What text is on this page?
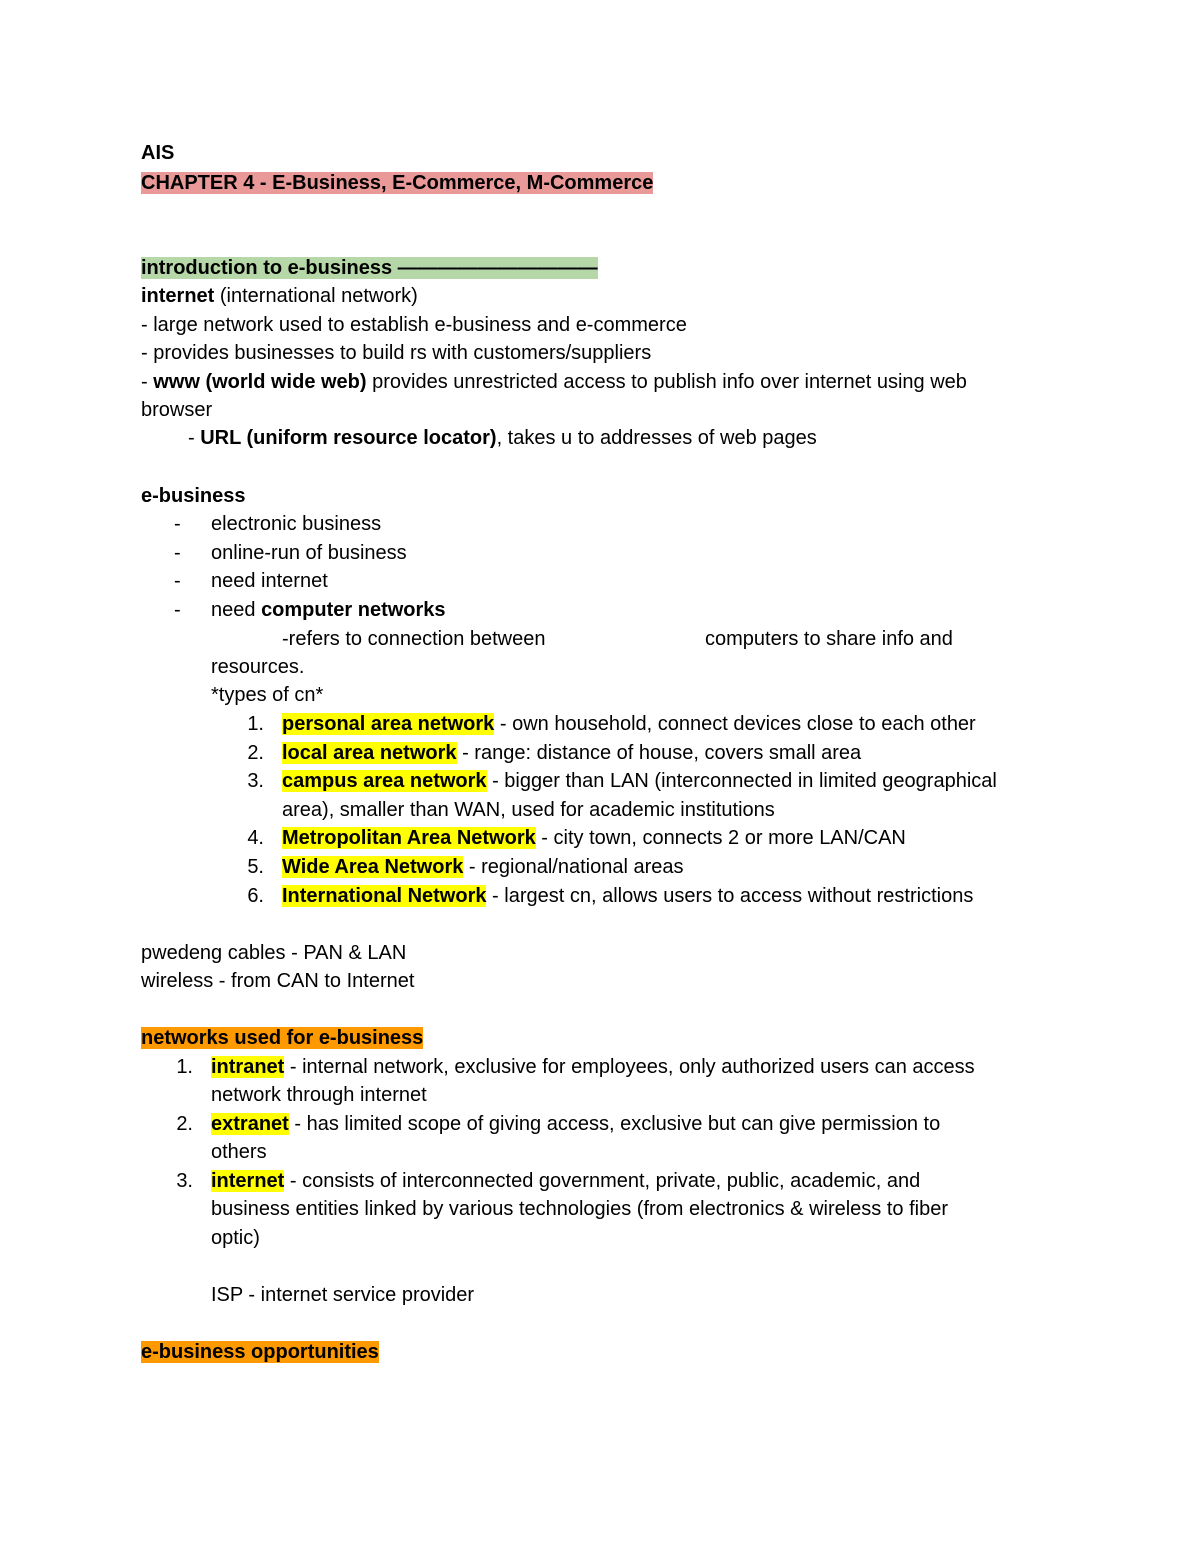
AIS
CHAPTER 4 - E-Business, E-Commerce, M-Commerce
introduction to e-business ——————————
internet (international network)
- large network used to establish e-business and e-commerce
- provides businesses to build rs with customers/suppliers
- www (world wide web) provides unrestricted access to publish info over internet using web
browser
- URL (uniform resource locator), takes u to addresses of web pages
e-business
- electronic business
- online-run of business
- need internet
- need computer networks
-refers to connection between	computers to share info and
resources.
*types of cn*
1. personal area network - own household, connect devices close to each other
2. local area network - range: distance of house, covers small area
3. campus area network - bigger than LAN (interconnected in limited geographical
area), smaller than WAN, used for academic institutions
4. Metropolitan Area Network - city town, connects 2 or more LAN/CAN
5. Wide Area Network - regional/national areas
6. International Network - largest cn, allows users to access without restrictions
pwedeng cables - PAN & LAN
wireless - from CAN to Internet
networks used for e-business
1. intranet - internal network, exclusive for employees, only authorized users can access
network through internet
2. extranet - has limited scope of giving access, exclusive but can give permission to
others
3. internet - consists of interconnected government, private, public, academic, and
business entities linked by various technologies (from electronics & wireless to fiber
optic)
ISP - internet service provider
e-business opportunities
